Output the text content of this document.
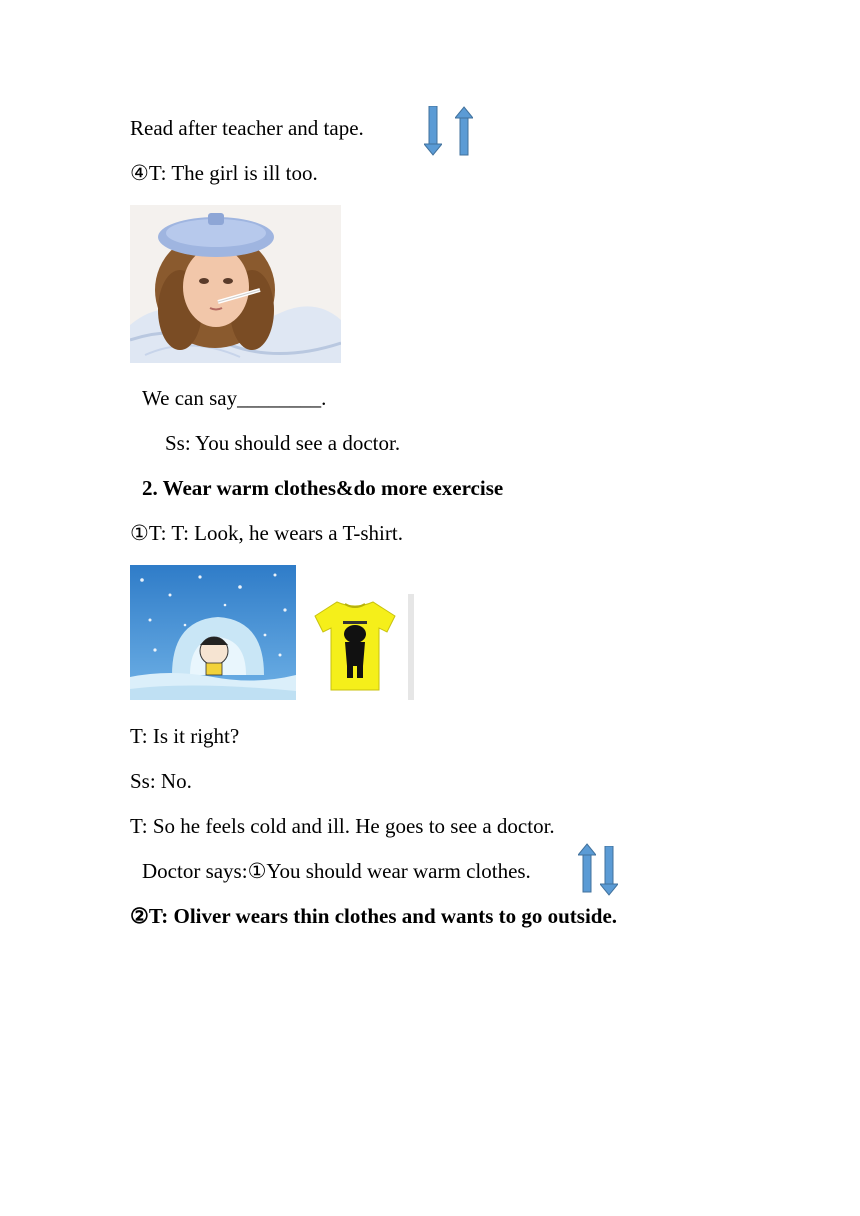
Read after teacher and tape.
④T: The girl is ill too.
We can say________.
Ss: You should see a doctor.
2. Wear warm clothes&do more exercise
①T: T: Look, he wears a T-shirt.
T: Is it right?
Ss: No.
T: So he feels cold and ill. He goes to see a doctor.
Doctor says:①You should wear warm clothes.
②T: Oliver wears thin clothes and wants to go outside.
